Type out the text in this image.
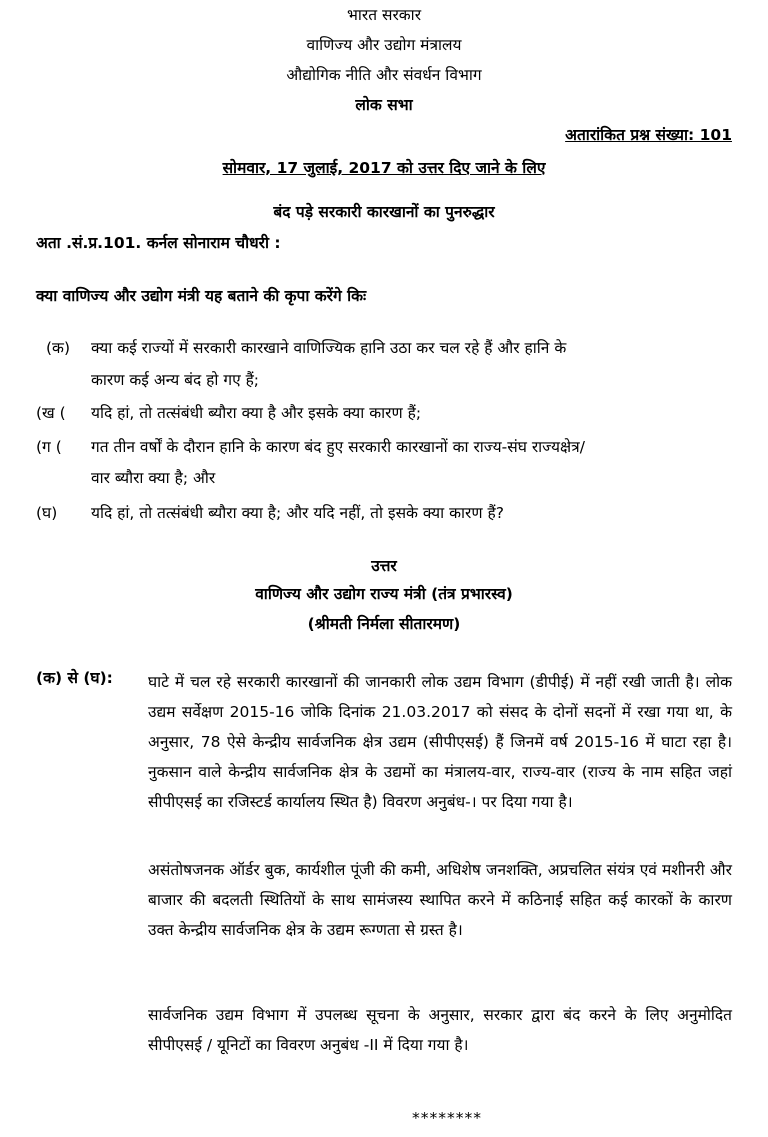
भारत सरकार
वाणिज्य और उद्योग मंत्रालय
औद्योगिक नीति और संवर्धन विभाग
लोक सभा
अतारांकित प्रश्न संख्या: 101
सोमवार, 17 जुलाई, 2017 को उत्तर दिए जाने के लिए
बंद पड़े सरकारी कारखानों का पुनरुद्धार
अता .सं.प्र.101. कर्नल सोनाराम चौधरी :
क्या वाणिज्य और उद्योग मंत्री यह बताने की कृपा करेंगे किः
(क) क्या कई राज्यों में सरकारी कारखाने वाणिज्यिक हानि उठा कर चल रहे हैं और हानि के
कारण कई अन्य बंद हो गए हैं;
(ख ( यदि हां, तो तत्संबंधी ब्यौरा क्या है और इसके क्या कारण हैं;
(ग ( गत तीन वर्षों के दौरान हानि के कारण बंद हुए सरकारी कारखानों का राज्य-संघ राज्यक्षेत्र/
वार ब्यौरा क्या है; और
(घ) यदि हां, तो तत्संबंधी ब्यौरा क्या है; और यदि नहीं, तो इसके क्या कारण हैं?
उत्तर
वाणिज्य और उद्योग राज्य मंत्री (तंत्र प्रभारस्व)
(श्रीमती निर्मला सीतारमण)
(क) से (घ): घाटे में चल रहे सरकारी कारखानों की जानकारी लोक उद्यम विभाग (डीपीई) में नहीं रखी जाती है। लोक उद्यम सर्वेक्षण 2015-16 जोकि दिनांक 21.03.2017 को संसद के दोनों सदनों में रखा गया था, के अनुसार, 78 ऐसे केन्द्रीय सार्वजनिक क्षेत्र उद्यम (सीपीएसई) हैं जिनमें वर्ष 2015-16 में घाटा रहा है। नुकसान वाले केन्द्रीय सार्वजनिक क्षेत्र के उद्यमों का मंत्रालय-वार, राज्य-वार (राज्य के नाम सहित जहां सीपीएसई का रजिस्टर्ड कार्यालय स्थित है) विवरण अनुबंध-। पर दिया गया है।
असंतोषजनक ऑर्डर बुक, कार्यशील पूंजी की कमी, अधिशेष जनशक्ति, अप्रचलित संयंत्र एवं मशीनरी और बाजार की बदलती स्थितियों के साथ सामंजस्य स्थापित करने में कठिनाई सहित कई कारकों के कारण उक्त केन्द्रीय सार्वजनिक क्षेत्र के उद्यम रूग्णता से ग्रस्त है।
सार्वजनिक उद्यम विभाग में उपलब्ध सूचना के अनुसार, सरकार द्वारा बंद करने के लिए अनुमोदित सीपीएसई / यूनिटों का विवरण अनुबंध -II में दिया गया है।
********
